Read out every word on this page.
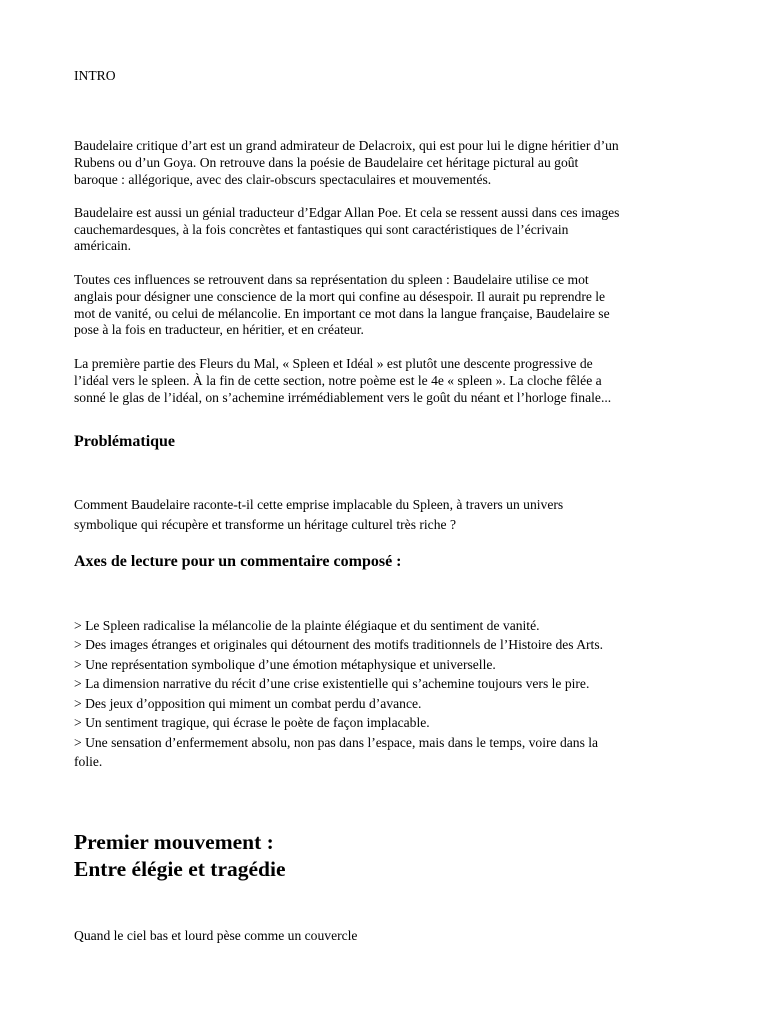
INTRO

Baudelaire critique d’art est un grand admirateur de Delacroix, qui est pour lui le digne héritier d’un

Rubens ou d’un Goya. On retrouve dans la poésie de Baudelaire cet héritage pictural au goût

baroque : allégorique, avec des clair-obscurs spectaculaires et mouvementés.

Baudelaire est aussi un génial traducteur d’Edgar Allan Poe. Et cela se ressent aussi dans ces images

cauchemardesques, à la fois concrètes et fantastiques qui sont caractéristiques de l’écrivain

américain.

Toutes ces influences se retrouvent dans sa représentation du spleen : Baudelaire utilise ce mot

anglais pour désigner une conscience de la mort qui confine au désespoir. Il aurait pu reprendre le

mot de vanité, ou celui de mélancolie. En important ce mot dans la langue française, Baudelaire se

pose à la fois en traducteur, en héritier, et en créateur.

La première partie des Fleurs du Mal, « Spleen et Idéal » est plutôt une descente progressive de

l’idéal vers le spleen. À la fin de cette section, notre poème est le 4e « spleen ». La cloche fêlée a

sonné le glas de l’idéal, on s’achemine irrémédiablement vers le goût du néant et l’horloge finale...

Problématique

Comment Baudelaire raconte-t-il cette emprise implacable du Spleen, à travers un univers

symbolique qui récupère et transforme un héritage culturel très riche ?

Axes de lecture pour un commentaire composé :

> Le Spleen radicalise la mélancolie de la plainte élégiaque et du sentiment de vanité.

> Des images étranges et originales qui détournent des motifs traditionnels de l’Histoire des Arts.

> Une représentation symbolique d’une émotion métaphysique et universelle.

> La dimension narrative du récit d’une crise existentielle qui s’achemine toujours vers le pire.

> Des jeux d’opposition qui miment un combat perdu d’avance.

> Un sentiment tragique, qui écrase le poète de façon implacable.

> Une sensation d’enfermement absolu, non pas dans l’espace, mais dans le temps, voire dans la

folie.

Premier mouvement :
Entre élégie et tragédie

Quand le ciel bas et lourd pèse comme un couvercle
